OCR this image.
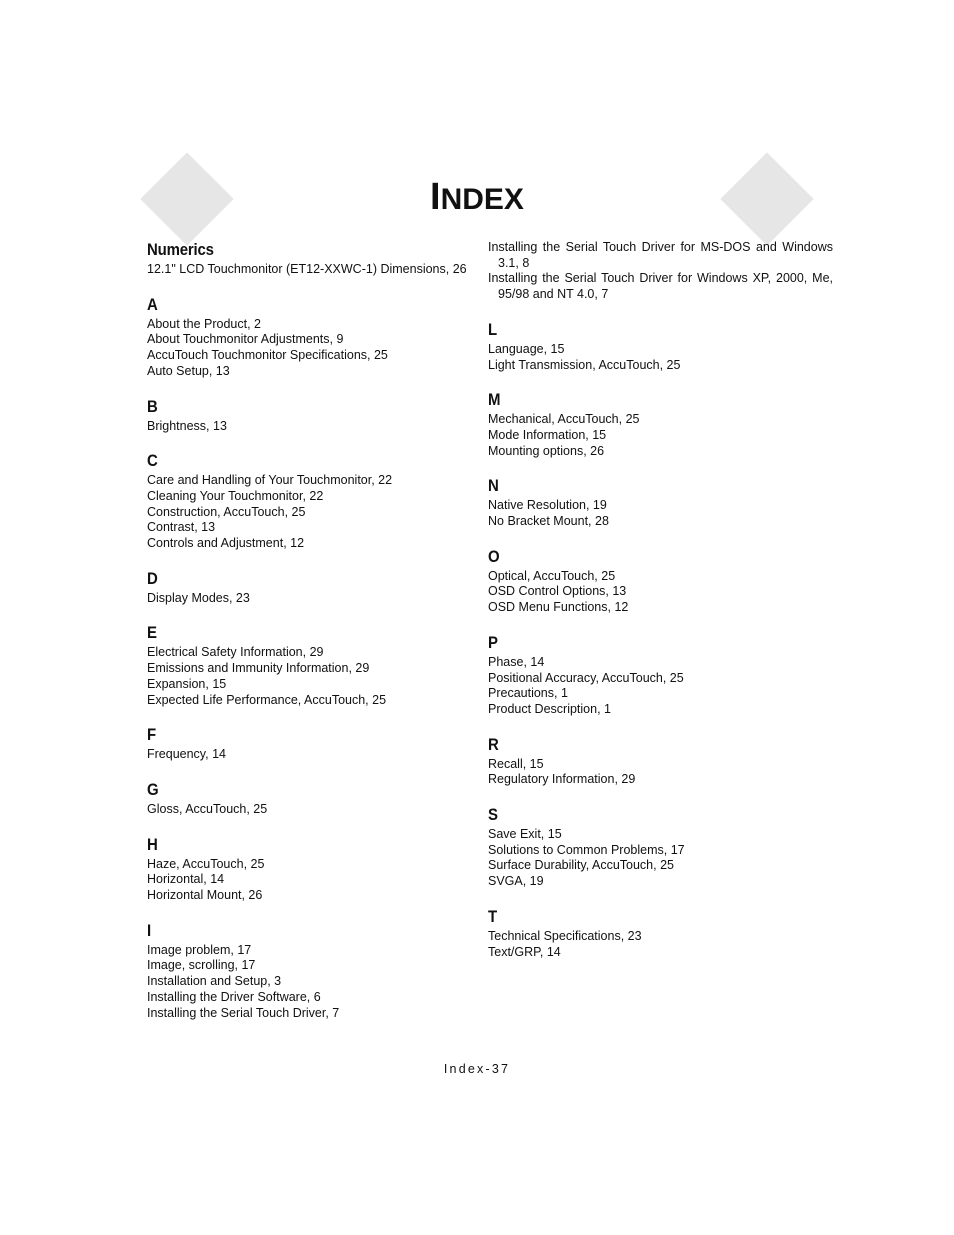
INDEX
Numerics
12.1" LCD Touchmonitor (ET12-XXWC-1) Dimensions, 26
A
About the Product, 2
About Touchmonitor Adjustments, 9
AccuTouch Touchmonitor Specifications, 25
Auto Setup, 13
B
Brightness, 13
C
Care and Handling of Your Touchmonitor, 22
Cleaning Your Touchmonitor, 22
Construction, AccuTouch, 25
Contrast, 13
Controls and Adjustment, 12
D
Display Modes, 23
E
Electrical Safety Information, 29
Emissions and Immunity Information, 29
Expansion, 15
Expected Life Performance, AccuTouch, 25
F
Frequency, 14
G
Gloss, AccuTouch, 25
H
Haze, AccuTouch, 25
Horizontal, 14
Horizontal Mount, 26
I
Image problem, 17
Image, scrolling, 17
Installation and Setup, 3
Installing the Driver Software, 6
Installing the Serial Touch Driver, 7
Installing the Serial Touch Driver for MS-DOS and Windows 3.1, 8
Installing the Serial Touch Driver for Windows XP, 2000, Me, 95/98 and NT 4.0, 7
L
Language, 15
Light Transmission, AccuTouch, 25
M
Mechanical, AccuTouch, 25
Mode Information, 15
Mounting options, 26
N
Native Resolution, 19
No Bracket Mount, 28
O
Optical, AccuTouch, 25
OSD Control Options, 13
OSD Menu Functions, 12
P
Phase, 14
Positional Accuracy, AccuTouch, 25
Precautions, 1
Product Description, 1
R
Recall, 15
Regulatory Information, 29
S
Save Exit, 15
Solutions to Common Problems, 17
Surface Durability, AccuTouch, 25
SVGA, 19
T
Technical Specifications, 23
Text/GRP, 14
Index-37
